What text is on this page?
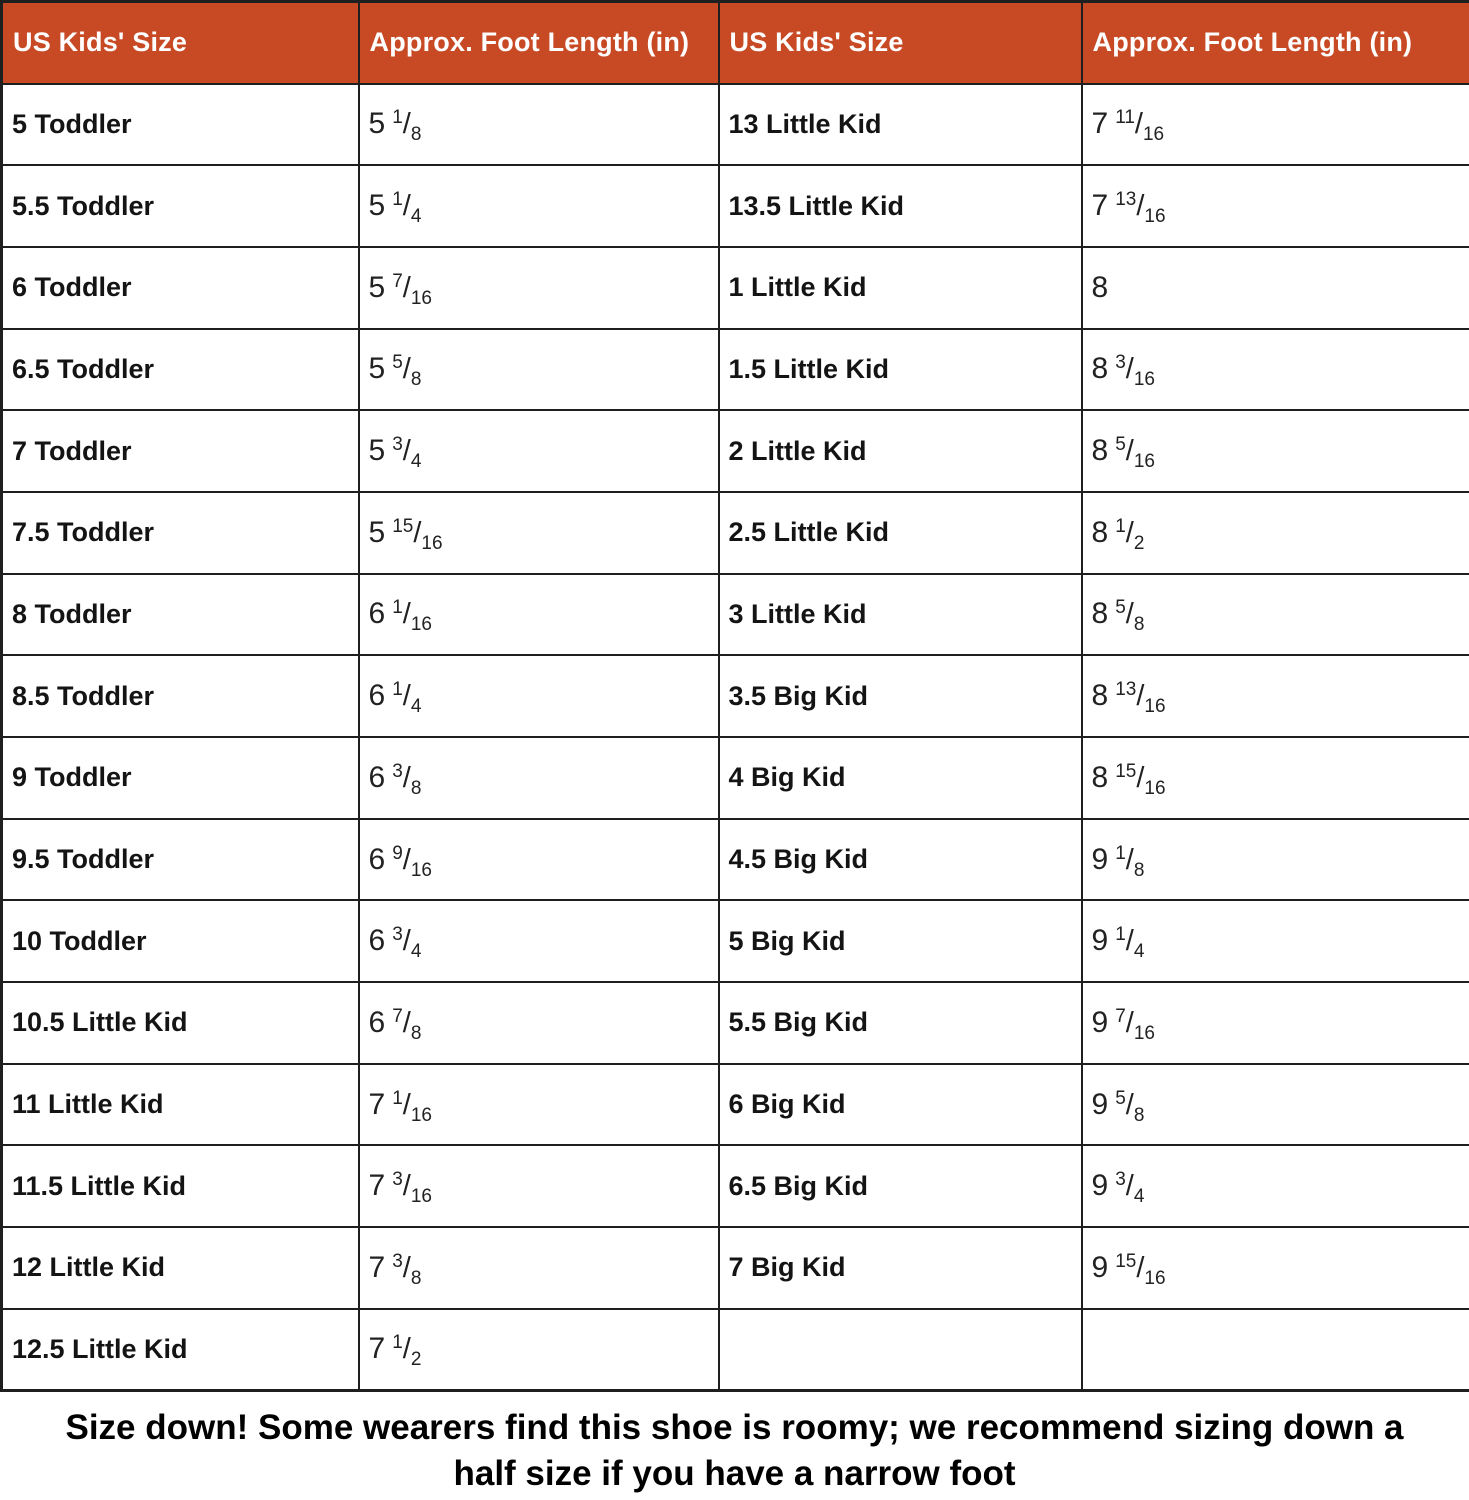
US Kids' Size	Approx. Foot Length (in)	US Kids' Size	Approx. Foot Length (in)
5 Toddler	5 $^1/_8$	13 Little Kid	7 $^{11}/_{16}$
5.5 Toddler	5 $^1/_4$	13.5 Little Kid	7 $^{13}/_{16}$
6 Toddler	5 $^7/_{16}$	1 Little Kid	8
6.5 Toddler	5 $^5/_8$	1.5 Little Kid	8 $^3/_{16}$
7 Toddler	5 $^3/_4$	2 Little Kid	8 $^5/_{16}$
7.5 Toddler	5 $^{15}/_{16}$	2.5 Little Kid	8 $^1/_2$
8 Toddler	6 $^1/_{16}$	3 Little Kid	8 $^5/_8$
8.5 Toddler	6 $^1/_4$	3.5 Big Kid	8 $^{13}/_{16}$
9 Toddler	6 $^3/_8$	4 Big Kid	8 $^{15}/_{16}$
9.5 Toddler	6 $^9/_{16}$	4.5 Big Kid	9 $^1/_8$
10 Toddler	6 $^3/_4$	5 Big Kid	9 $^1/_4$
10.5 Little Kid	6 $^7/_8$	5.5 Big Kid	9 $^7/_{16}$
11 Little Kid	7 $^1/_{16}$	6 Big Kid	9 $^5/_8$
11.5 Little Kid	7 $^3/_{16}$	6.5 Big Kid	9 $^3/_4$
12 Little Kid	7 $^3/_8$	7 Big Kid	9 $^{15}/_{16}$
12.5 Little Kid	7 $^1/_2$		
Size down! Some wearers find this shoe is roomy; we recommend sizing down a half size if you have a narrow foot
